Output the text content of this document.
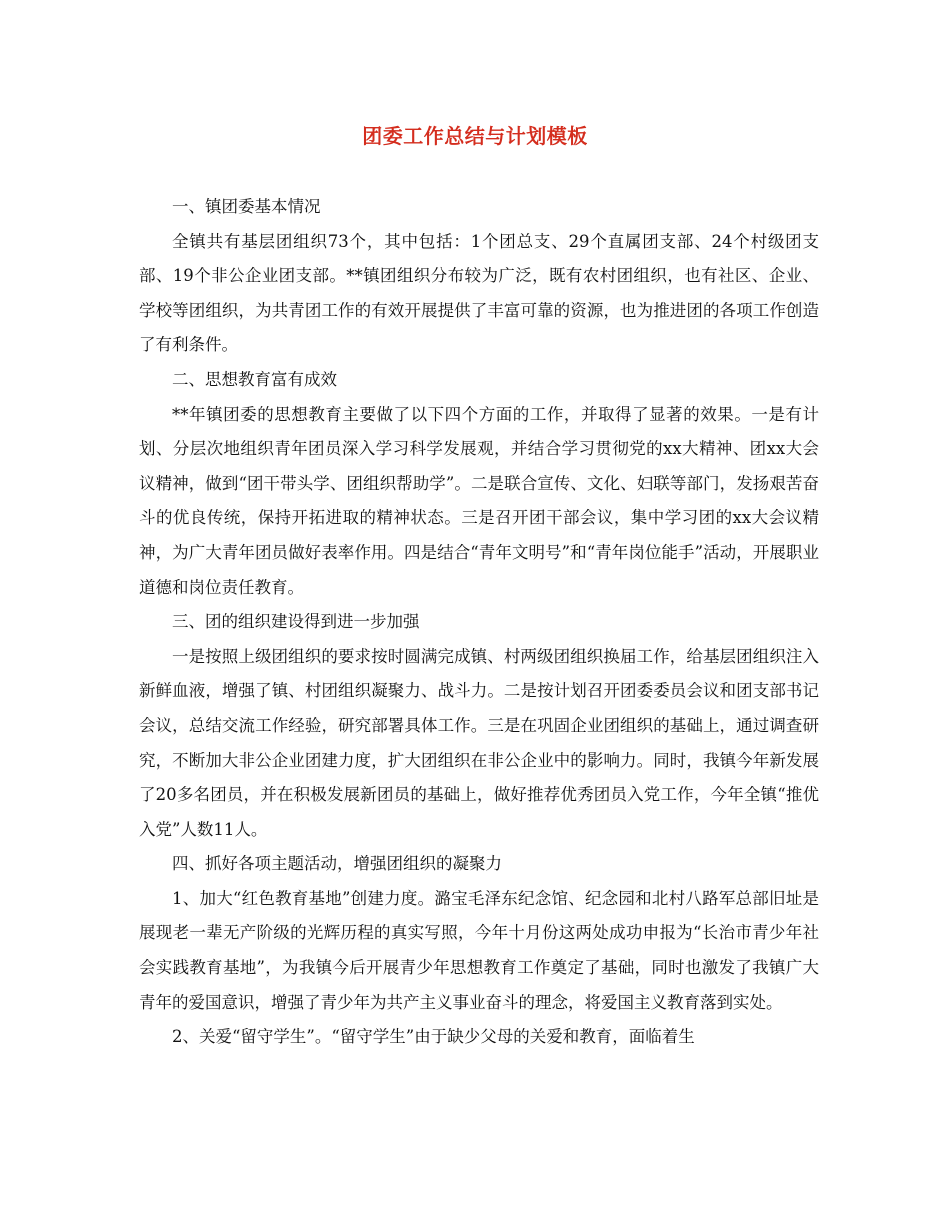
团委工作总结与计划模板

一、镇团委基本情况

全镇共有基层团组织73个，其中包括：1个团总支、29个直属团支部、24个村级团支部、19个非公企业团支部。**镇团组织分布较为广泛，既有农村团组织，也有社区、企业、学校等团组织，为共青团工作的有效开展提供了丰富可靠的资源，也为推进团的各项工作创造了有利条件。

二、思想教育富有成效

**年镇团委的思想教育主要做了以下四个方面的工作，并取得了显著的效果。一是有计划、分层次地组织青年团员深入学习科学发展观，并结合学习贯彻党的xx大精神、团xx大会议精神，做到“团干带头学、团组织帮助学”。二是联合宣传、文化、妇联等部门，发扬艰苦奋斗的优良传统，保持开拓进取的精神状态。三是召开团干部会议，集中学习团的xx大会议精神，为广大青年团员做好表率作用。四是结合“青年文明号”和“青年岗位能手”活动，开展职业道德和岗位责任教育。

三、团的组织建设得到进一步加强

一是按照上级团组织的要求按时圆满完成镇、村两级团组织换届工作，给基层团组织注入新鲜血液，增强了镇、村团组织凝聚力、战斗力。二是按计划召开团委委员会议和团支部书记会议，总结交流工作经验，研究部署具体工作。三是在巩固企业团组织的基础上，通过调查研究，不断加大非公企业团建力度，扩大团组织在非公企业中的影响力。同时，我镇今年新发展了20多名团员，并在积极发展新团员的基础上，做好推荐优秀团员入党工作，今年全镇“推优入党”人数11人。

四、抓好各项主题活动，增强团组织的凝聚力

1、加大“红色教育基地”创建力度。潞宝毛泽东纪念馆、纪念园和北村八路军总部旧址是展现老一辈无产阶级的光辉历程的真实写照，今年十月份这两处成功申报为“长治市青少年社会实践教育基地”，为我镇今后开展青少年思想教育工作奠定了基础，同时也激发了我镇广大青年的爱国意识，增强了青少年为共产主义事业奋斗的理念，将爱国主义教育落到实处。

2、关爱“留守学生”。“留守学生”由于缺少父母的关爱和教育，面临着生
